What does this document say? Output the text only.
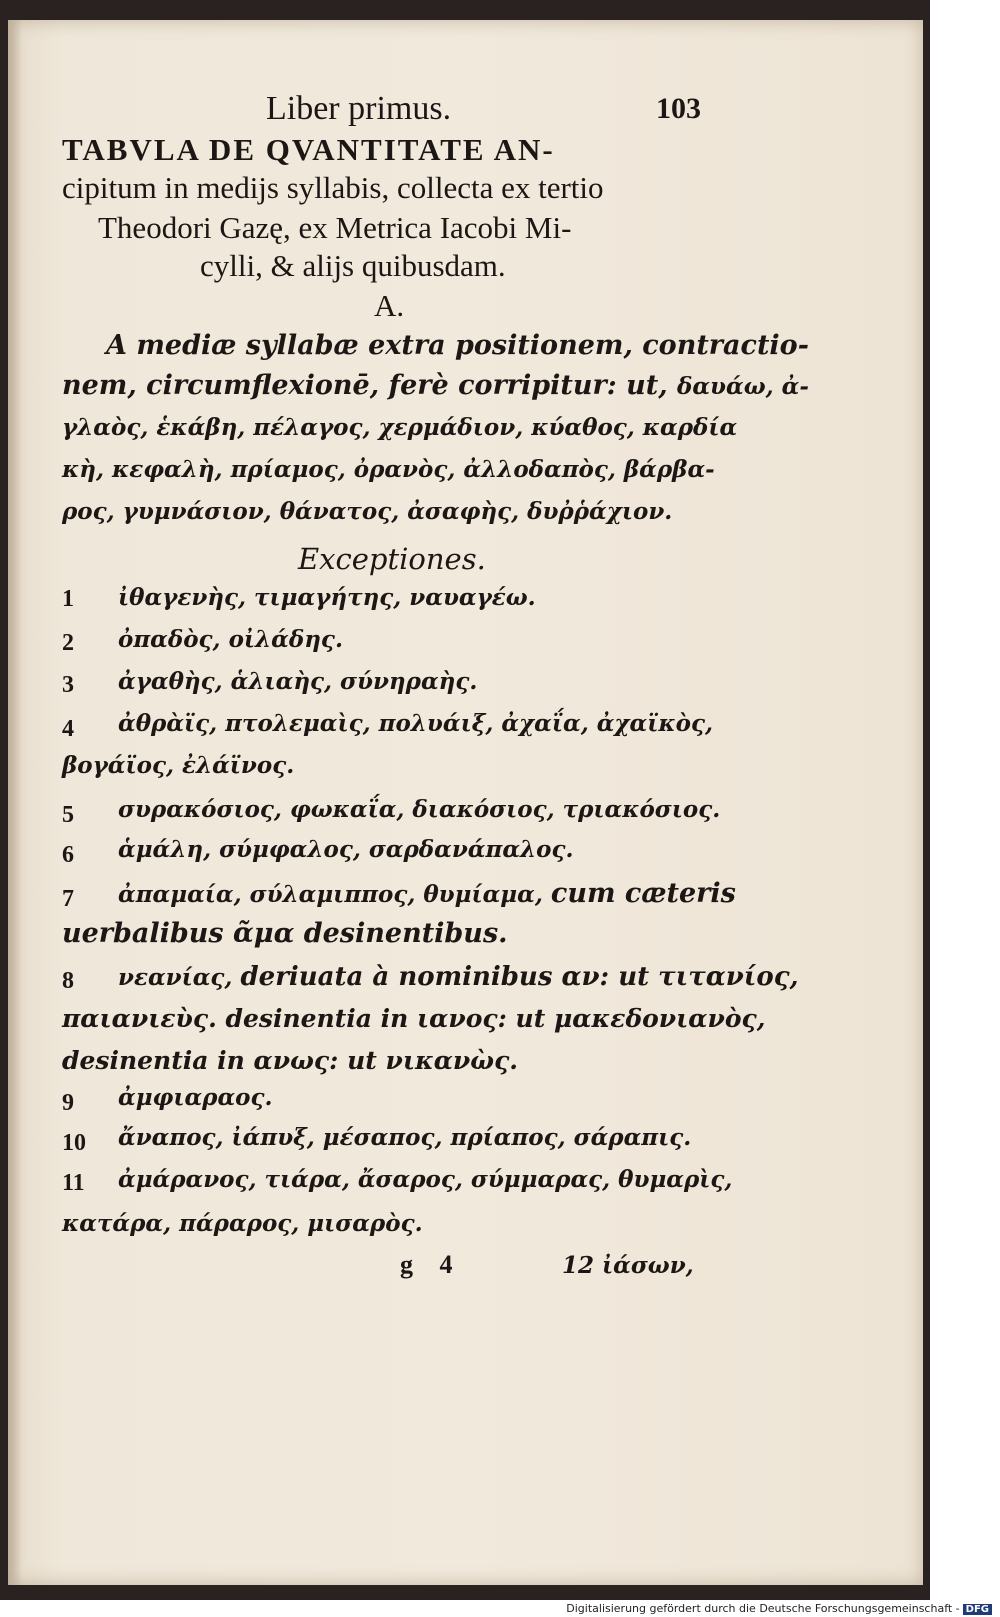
Liber primus.	103
TABVLA DE QVANTITATE AN-
cipitum in medijs syllabis, collecta ex tertio
Theodori Gazę, ex Metrica Iacobi Mi-
cylli, & alijs quibusdam.
A.
A mediæ syllabæ extra positionem, contractio-
nem, circumflexionē, ferè corripitur: ut, δαυάω, ἀ-
γλαὸς, ἑκάβη, πέλαγος, χερμάδιον, κύαθος, καρδία
κὴ, κεφαλὴ, πρίαμος, ὀρανὸς, ἀλλοδαπὸς, βάρβα-
ρος, γυμνάσιον, θάνατος, ἀσαφὴς, δυῤῥάχιον.
Exceptiones.
1 ἰθαγενὴς, τιμαγήτης, ναυαγέω.
2 ὀπαδὸς, οἰλάδης.
3 ἀγαθὴς, ἁλιαὴς, σύνηραὴς.
4 ἀθρὰϊς, πτολεμαὶς, πολυάιξ, ἀχαΐα, ἀχαϊκὸς,
βογάϊος, ἐλάϊνος.
5 συρακόσιος, φωκαΐα, διακόσιος, τριακόσιος.
6 ἁμάλη, σύμφαλος, σαρδανάπαλος.
7 ἀπαμαία, σύλαμιππος, θυμίαμα, cum cæteris
uerbalibus ᾶμα desinentibus.
8 νεανίας, deriuata à nominibus αν: ut τιτανίος,
παιανιεὺς. desinentia in ιανος: ut μακεδονιανὸς,
desinentia in ανως: ut νικανὼς.
9 ἀμφιαραος.
10 ἄναπος, ἰάπυξ, μέσαπος, πρίαπος, σάραπις.
11 ἀμάρανος, τιάρα, ἄσαρος, σύμμαρας, θυμαρὶς,
κατάρα, πάραρος, μισαρὸς.
g 4	12 ἰάσων,
Digitalisierung gefördert durch die Deutsche Forschungsgemeinschaft - DFG
